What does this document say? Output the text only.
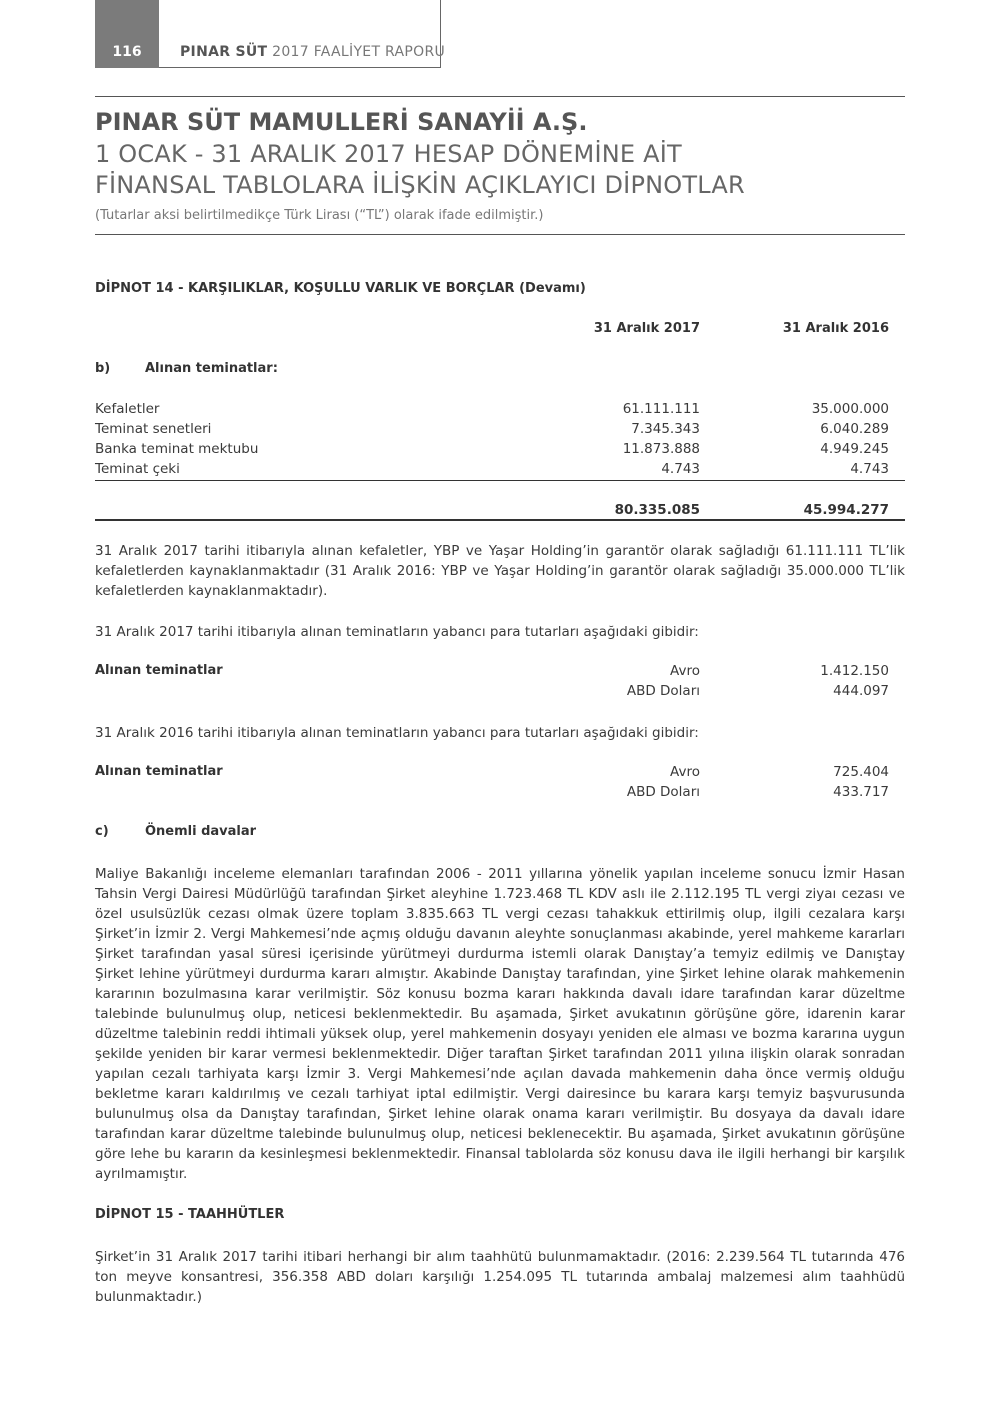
116	PINAR SÜT 2017 FAALİYET RAPORU
PINAR SÜT MAMULLERİ SANAYİİ A.Ş.
1 OCAK - 31 ARALIK 2017 HESAP DÖNEMİNE AİT
FİNANSAL TABLOLARA İLİŞKİN AÇIKLAYICI DİPNOTLAR
(Tutarlar aksi belirtilmedikçe Türk Lirası (“TL”) olarak ifade edilmiştir.)
DİPNOT 14 - KARŞILIKLAR, KOŞULLU VARLIK VE BORÇLAR (Devamı)
31 Aralık 2017	31 Aralık 2016
b)	Alınan teminatlar:
Kefaletler	61.111.111	35.000.000
Teminat senetleri	7.345.343	6.040.289
Banka teminat mektubu	11.873.888	4.949.245
Teminat çeki	4.743	4.743
80.335.085	45.994.277
31 Aralık 2017 tarihi itibarıyla alınan kefaletler, YBP ve Yaşar Holding’in garantör olarak sağladığı 61.111.111 TL’lik kefaletlerden kaynaklanmaktadır (31 Aralık 2016: YBP ve Yaşar Holding’in garantör olarak sağladığı 35.000.000 TL’lik kefaletlerden kaynaklanmaktadır).
31 Aralık 2017 tarihi itibarıyla alınan teminatların yabancı para tutarları aşağıdaki gibidir:
Alınan teminatlar	Avro	1.412.150
ABD Doları	444.097
31 Aralık 2016 tarihi itibarıyla alınan teminatların yabancı para tutarları aşağıdaki gibidir:
Alınan teminatlar	Avro	725.404
ABD Doları	433.717
c)	Önemli davalar
Maliye Bakanlığı inceleme elemanları tarafından 2006 - 2011 yıllarına yönelik yapılan inceleme sonucu İzmir Hasan Tahsin Vergi Dairesi Müdürlüğü tarafından Şirket aleyhine 1.723.468 TL KDV aslı ile 2.112.195 TL vergi ziyaı cezası ve özel usulsüzlük cezası olmak üzere toplam 3.835.663 TL vergi cezası tahakkuk ettirilmiş olup, ilgili cezalara karşı Şirket’in İzmir 2. Vergi Mahkemesi’nde açmış olduğu davanın aleyhte sonuçlanması akabinde, yerel mahkeme kararları Şirket tarafından yasal süresi içerisinde yürütmeyi durdurma istemli olarak Danıştay’a temyiz edilmiş ve Danıştay Şirket lehine yürütmeyi durdurma kararı almıştır. Akabinde Danıştay tarafından, yine Şirket lehine olarak mahkemenin kararının bozulmasına karar verilmiştir. Söz konusu bozma kararı hakkında davalı idare tarafından karar düzeltme talebinde bulunulmuş olup, neticesi beklenmektedir. Bu aşamada, Şirket avukatının görüşüne göre, idarenin karar düzeltme talebinin reddi ihtimali yüksek olup, yerel mahkemenin dosyayı yeniden ele alması ve bozma kararına uygun şekilde yeniden bir karar vermesi beklenmektedir. Diğer taraftan Şirket tarafından 2011 yılına ilişkin olarak sonradan yapılan cezalı tarhiyata karşı İzmir 3. Vergi Mahkemesi’nde açılan davada mahkemenin daha önce vermiş olduğu bekletme kararı kaldırılmış ve cezalı tarhiyat iptal edilmiştir. Vergi dairesince bu karara karşı temyiz başvurusunda bulunulmuş olsa da Danıştay tarafından, Şirket lehine olarak onama kararı verilmiştir. Bu dosyaya da davalı idare tarafından karar düzeltme talebinde bulunulmuş olup, neticesi beklenecektir. Bu aşamada, Şirket avukatının görüşüne göre lehe bu kararın da kesinleşmesi beklenmektedir. Finansal tablolarda söz konusu dava ile ilgili herhangi bir karşılık ayrılmamıştır.
DİPNOT 15 - TAAHHÜTLER
Şirket’in 31 Aralık 2017 tarihi itibari herhangi bir alım taahhütü bulunmamaktadır. (2016: 2.239.564 TL tutarında 476 ton meyve konsantresi, 356.358 ABD doları karşılığı 1.254.095 TL tutarında ambalaj malzemesi alım taahhüdü bulunmaktadır.)
